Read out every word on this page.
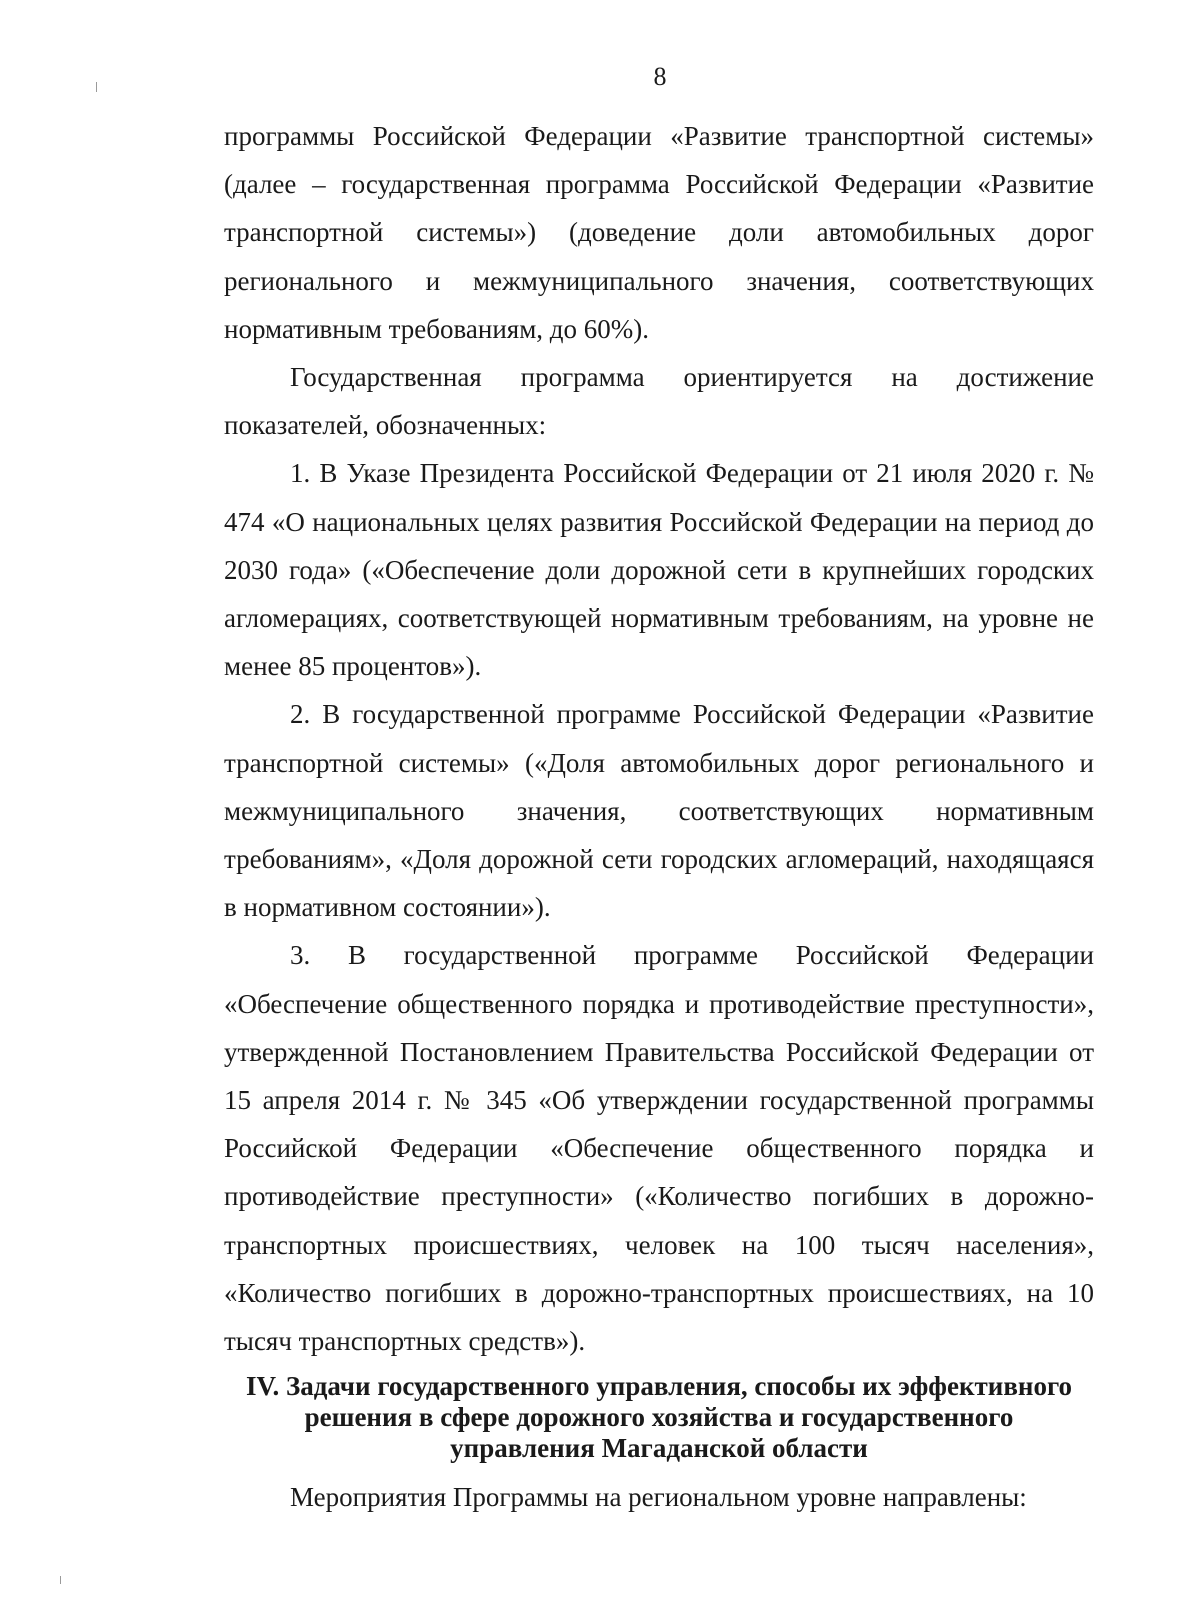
8

программы Российской Федерации «Развитие транспортной системы» (далее – государственная программа Российской Федерации «Развитие транспортной системы») (доведение доли автомобильных дорог регионального и межмуниципального значения, соответствующих нормативным требованиям, до 60%).

Государственная программа ориентируется на достижение показателей, обозначенных:

1. В Указе Президента Российской Федерации от 21 июля 2020 г. № 474 «О национальных целях развития Российской Федерации на период до 2030 года» («Обеспечение доли дорожной сети в крупнейших городских агломерациях, соответствующей нормативным требованиям, на уровне не менее 85 процентов»).

2. В государственной программе Российской Федерации «Развитие транспортной системы» («Доля автомобильных дорог регионального и межмуниципального значения, соответствующих нормативным требованиям», «Доля дорожной сети городских агломераций, находящаяся в нормативном состоянии»).

3. В государственной программе Российской Федерации «Обеспечение общественного порядка и противодействие преступности», утвержденной Постановлением Правительства Российской Федерации от 15 апреля 2014 г. № 345 «Об утверждении государственной программы Российской Федерации «Обеспечение общественного порядка и противодействие преступности» («Количество погибших в дорожно-транспортных происшествиях, человек на 100 тысяч населения», «Количество погибших в дорожно-транспортных происшествиях, на 10 тысяч транспортных средств»).

IV. Задачи государственного управления, способы их эффективного
решения в сфере дорожного хозяйства и государственного
управления Магаданской области

Мероприятия Программы на региональном уровне направлены:
